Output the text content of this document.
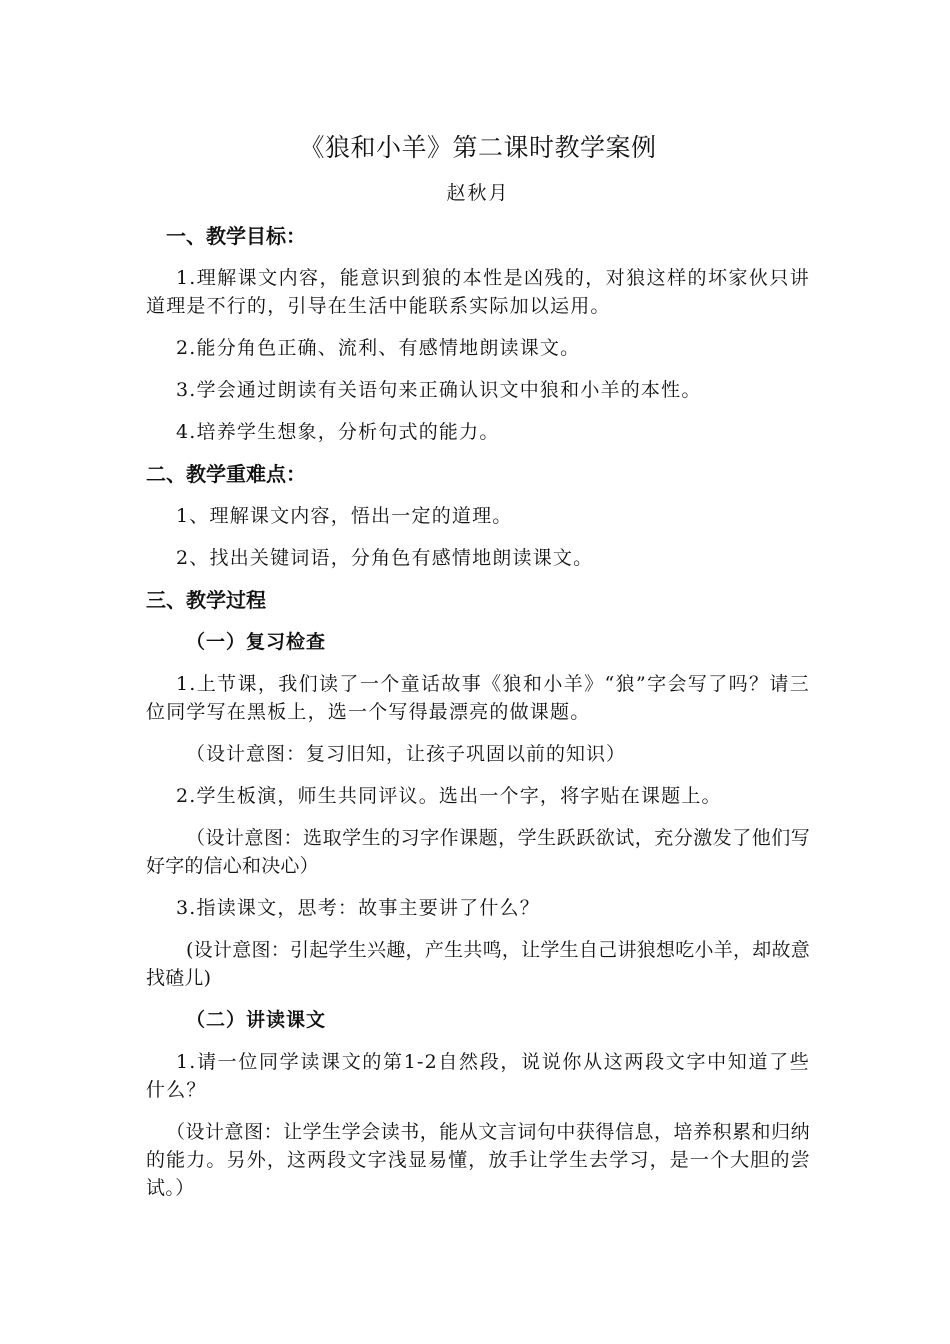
《狼和小羊》第二课时教学案例
赵秋月
一、教学目标：

1.理解课文内容，能意识到狼的本性是凶残的，对狼这样的坏家伙只讲道理是不行的，引导在生活中能联系实际加以运用。

2.能分角色正确、流利、有感情地朗读课文。

3.学会通过朗读有关语句来正确认识文中狼和小羊的本性。

4.培养学生想象，分析句式的能力。

二、教学重难点：

1、理解课文内容，悟出一定的道理。

2、找出关键词语，分角色有感情地朗读课文。

三、教学过程
（一）复习检查

1.上节课，我们读了一个童话故事《狼和小羊》“狼”字会写了吗？请三位同学写在黑板上，选一个写得最漂亮的做课题。

（设计意图：复习旧知，让孩子巩固以前的知识）

2.学生板演，师生共同评议。选出一个字，将字贴在课题上。

（设计意图：选取学生的习字作课题，学生跃跃欲试，充分激发了他们写好字的信心和决心）

3.指读课文，思考：故事主要讲了什么？

(设计意图：引起学生兴趣，产生共鸣，让学生自己讲狼想吃小羊，却故意找碴儿)

（二）讲读课文

1.请一位同学读课文的第1-2自然段，说说你从这两段文字中知道了些什么？

（设计意图：让学生学会读书，能从文言词句中获得信息，培养积累和归纳的能力。另外，这两段文字浅显易懂，放手让学生去学习，是一个大胆的尝试。）
